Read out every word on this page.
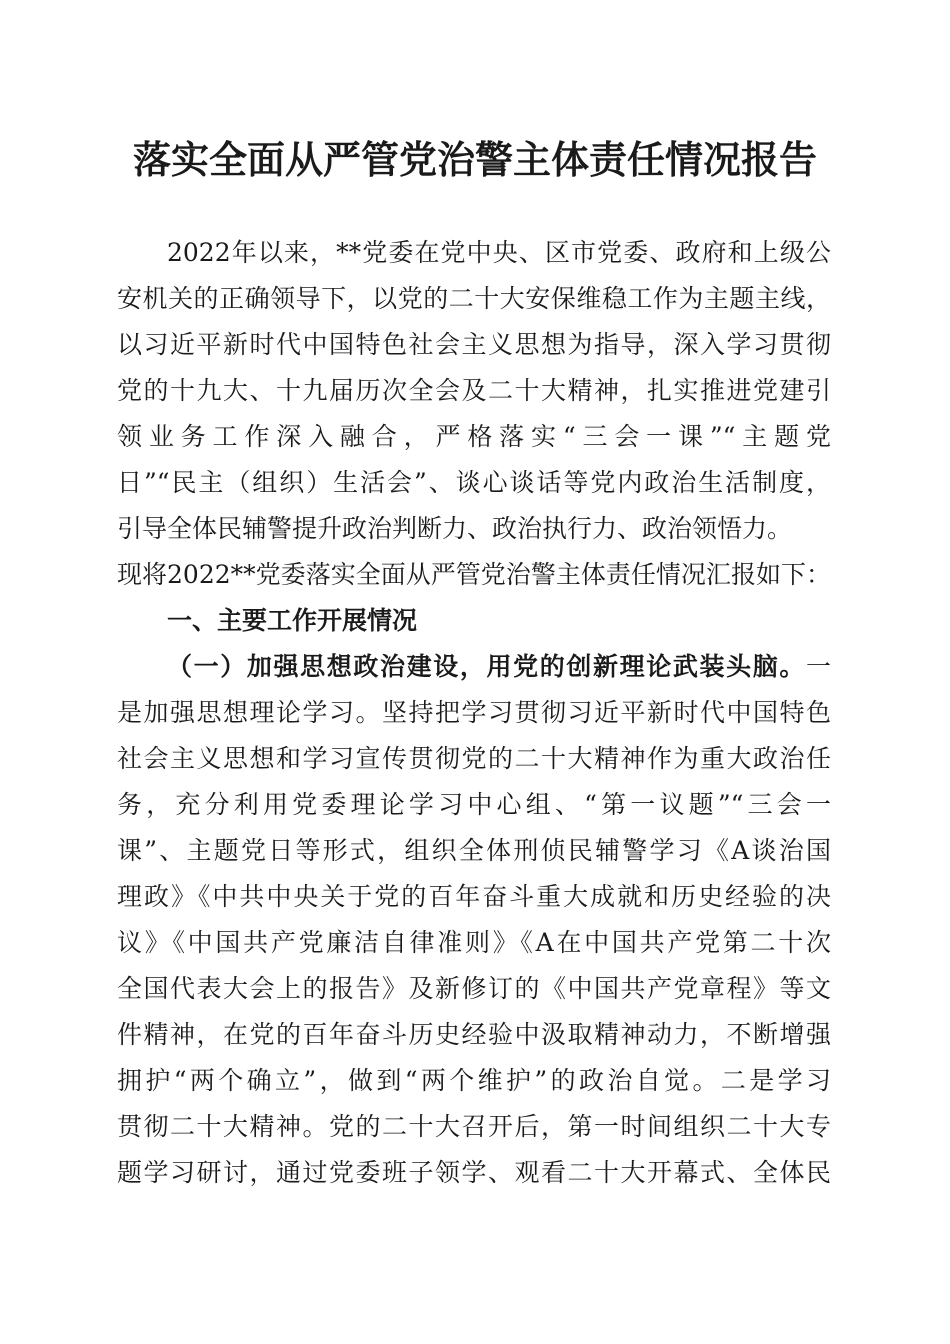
落实全面从严管党治警主体责任情况报告
2022年以来，**党委在党中央、区市党委、政府和上级公
安机关的正确领导下，以党的二十大安保维稳工作为主题主线，
以习近平新时代中国特色社会主义思想为指导，深入学习贯彻
党的十九大、十九届历次全会及二十大精神，扎实推进党建引
领业务工作深入融合，严格落实“三会一课”“主题党
日”“民主（组织）生活会”、谈心谈话等党内政治生活制度，
引导全体民辅警提升政治判断力、政治执行力、政治领悟力。
现将2022**党委落实全面从严管党治警主体责任情况汇报如下：
一、主要工作开展情况
（一）加强思想政治建设，用党的创新理论武装头脑。一
是加强思想理论学习。坚持把学习贯彻习近平新时代中国特色
社会主义思想和学习宣传贯彻党的二十大精神作为重大政治任
务，充分利用党委理论学习中心组、“第一议题”“三会一
课”、主题党日等形式，组织全体刑侦民辅警学习《A谈治国
理政》《中共中央关于党的百年奋斗重大成就和历史经验的决
议》《中国共产党廉洁自律准则》《A在中国共产党第二十次
全国代表大会上的报告》及新修订的《中国共产党章程》等文
件精神，在党的百年奋斗历史经验中汲取精神动力，不断增强
拥护“两个确立”，做到“两个维护”的政治自觉。二是学习
贯彻二十大精神。党的二十大召开后，第一时间组织二十大专
题学习研讨，通过党委班子领学、观看二十大开幕式、全体民
